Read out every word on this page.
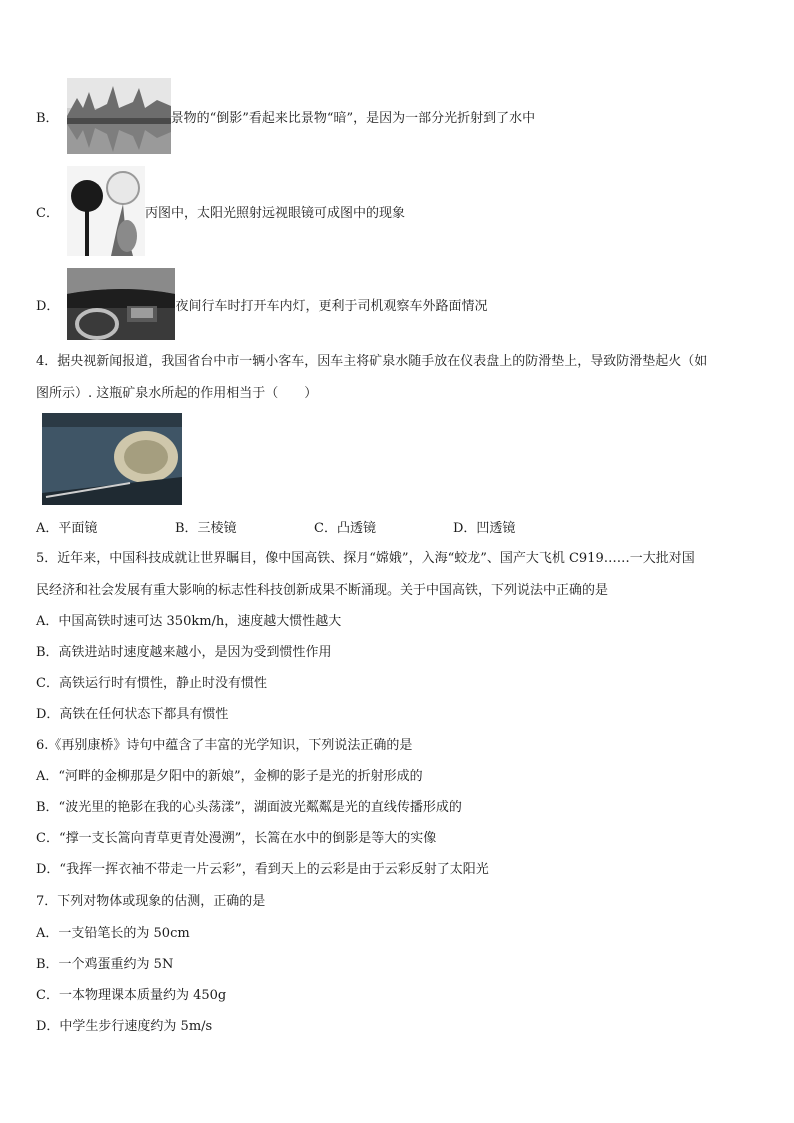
B．	景物的“倒影”看起来比景物“暗”，是因为一部分光折射到了水中
C．	丙图中，太阳光照射远视眼镜可成图中的现象
D．	夜间行车时打开车内灯，更利于司机观察车外路面情况
4．据央视新闻报道，我国省台中市一辆小客车，因车主将矿泉水随手放在仪表盘上的防滑垫上，导致防滑垫起火（如
图所示）. 这瓶矿泉水所起的作用相当于（　　）
A．平面镜	B．三棱镜	C．凸透镜	D．凹透镜
5．近年来，中国科技成就让世界瞩目，像中国高铁、探月“嫦娥”，入海“蛟龙”、国产大飞机 C919……一大批对国
民经济和社会发展有重大影响的标志性科技创新成果不断涌现。关于中国高铁，下列说法中正确的是
A．中国高铁时速可达 350km/h，速度越大惯性越大
B．高铁进站时速度越来越小，是因为受到惯性作用
C．高铁运行时有惯性，静止时没有惯性
D．高铁在任何状态下都具有惯性
6.《再别康桥》诗句中蕴含了丰富的光学知识，下列说法正确的是
A．“河畔的金柳那是夕阳中的新娘”，金柳的影子是光的折射形成的
B．“波光里的艳影在我的心头荡漾”，湖面波光粼粼是光的直线传播形成的
C．“撑一支长篙向青草更青处漫溯”，长篙在水中的倒影是等大的实像
D．“我挥一挥衣袖不带走一片云彩”，看到天上的云彩是由于云彩反射了太阳光
7．下列对物体或现象的估测，正确的是
A．一支铅笔长的为 50cm
B．一个鸡蛋重约为 5N
C．一本物理课本质量约为 450g
D．中学生步行速度约为 5m/s
